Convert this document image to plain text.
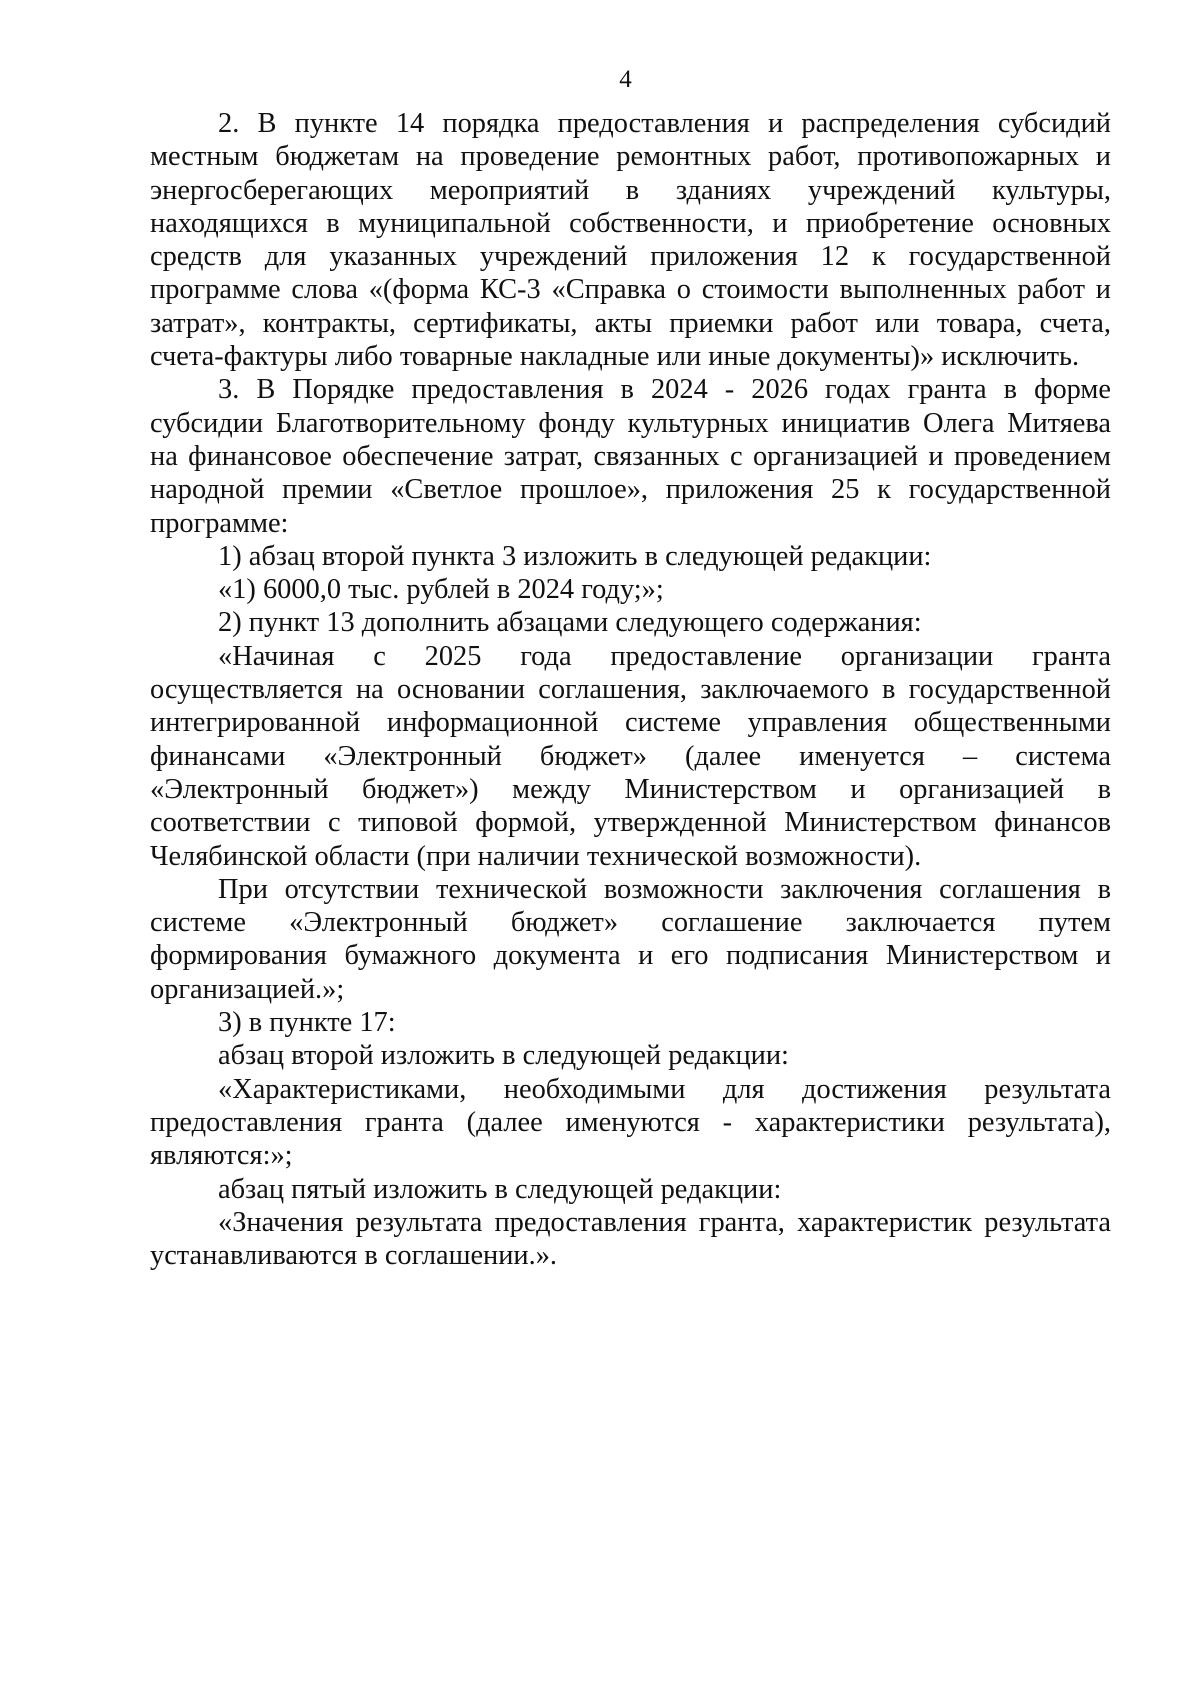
4

2. В пункте 14 порядка предоставления и распределения субсидий местным бюджетам на проведение ремонтных работ, противопожарных и энергосберегающих мероприятий в зданиях учреждений культуры, находящихся в муниципальной собственности, и приобретение основных средств для указанных учреждений приложения 12 к государственной программе слова «(форма КС-3 «Справка о стоимости выполненных работ и затрат», контракты, сертификаты, акты приемки работ или товара, счета, счета-фактуры либо товарные накладные или иные документы)» исключить.

3. В Порядке предоставления в 2024 - 2026 годах гранта в форме субсидии Благотворительному фонду культурных инициатив Олега Митяева на финансовое обеспечение затрат, связанных с организацией и проведением народной премии «Светлое прошлое», приложения 25 к государственной программе:

1) абзац второй пункта 3 изложить в следующей редакции:

«1) 6000,0 тыс. рублей в 2024 году;»;

2) пункт 13 дополнить абзацами следующего содержания:

«Начиная с 2025 года предоставление организации гранта осуществляется на основании соглашения, заключаемого в государственной интегрированной информационной системе управления общественными финансами «Электронный бюджет» (далее именуется – система «Электронный бюджет») между Министерством и организацией в соответствии с типовой формой, утвержденной Министерством финансов Челябинской области (при наличии технической возможности).

При отсутствии технической возможности заключения соглашения в системе «Электронный бюджет» соглашение заключается путем формирования бумажного документа и его подписания Министерством и организацией.»;

3) в пункте 17:

абзац второй изложить в следующей редакции:

«Характеристиками, необходимыми для достижения результата предоставления гранта (далее именуются - характеристики результата), являются:»;

абзац пятый изложить в следующей редакции:

«Значения результата предоставления гранта, характеристик результата устанавливаются в соглашении.».
